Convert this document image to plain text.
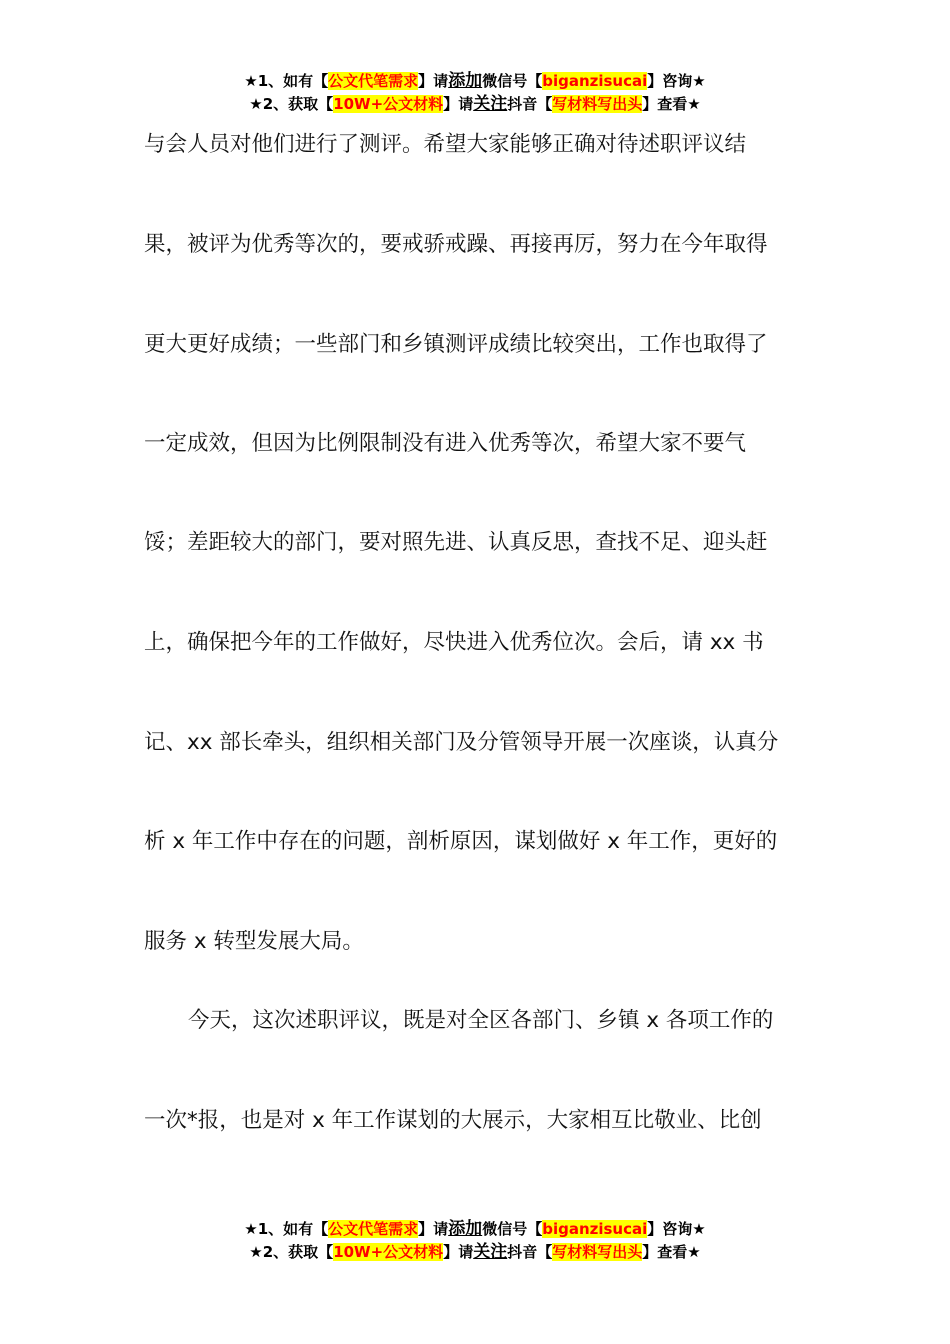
★1、如有【公文代笔需求】请添加微信号【biganzisucai】咨询★
★2、获取【10W+公文材料】请关注抖音【写材料写出头】查看★
与会人员对他们进行了测评。希望大家能够正确对待述职评议结
果，被评为优秀等次的，要戒骄戒躁、再接再厉，努力在今年取得
更大更好成绩；一些部门和乡镇测评成绩比较突出，工作也取得了
一定成效，但因为比例限制没有进入优秀等次，希望大家不要气
馁；差距较大的部门，要对照先进、认真反思，查找不足、迎头赶
上，确保把今年的工作做好，尽快进入优秀位次。会后，请 xx 书
记、xx 部长牵头，组织相关部门及分管领导开展一次座谈，认真分
析 x 年工作中存在的问题，剖析原因，谋划做好 x 年工作，更好的
服务 x 转型发展大局。
今天，这次述职评议，既是对全区各部门、乡镇 x 各项工作的
一次*报，也是对 x 年工作谋划的大展示，大家相互比敬业、比创
★1、如有【公文代笔需求】请添加微信号【biganzisucai】咨询★
★2、获取【10W+公文材料】请关注抖音【写材料写出头】查看★
